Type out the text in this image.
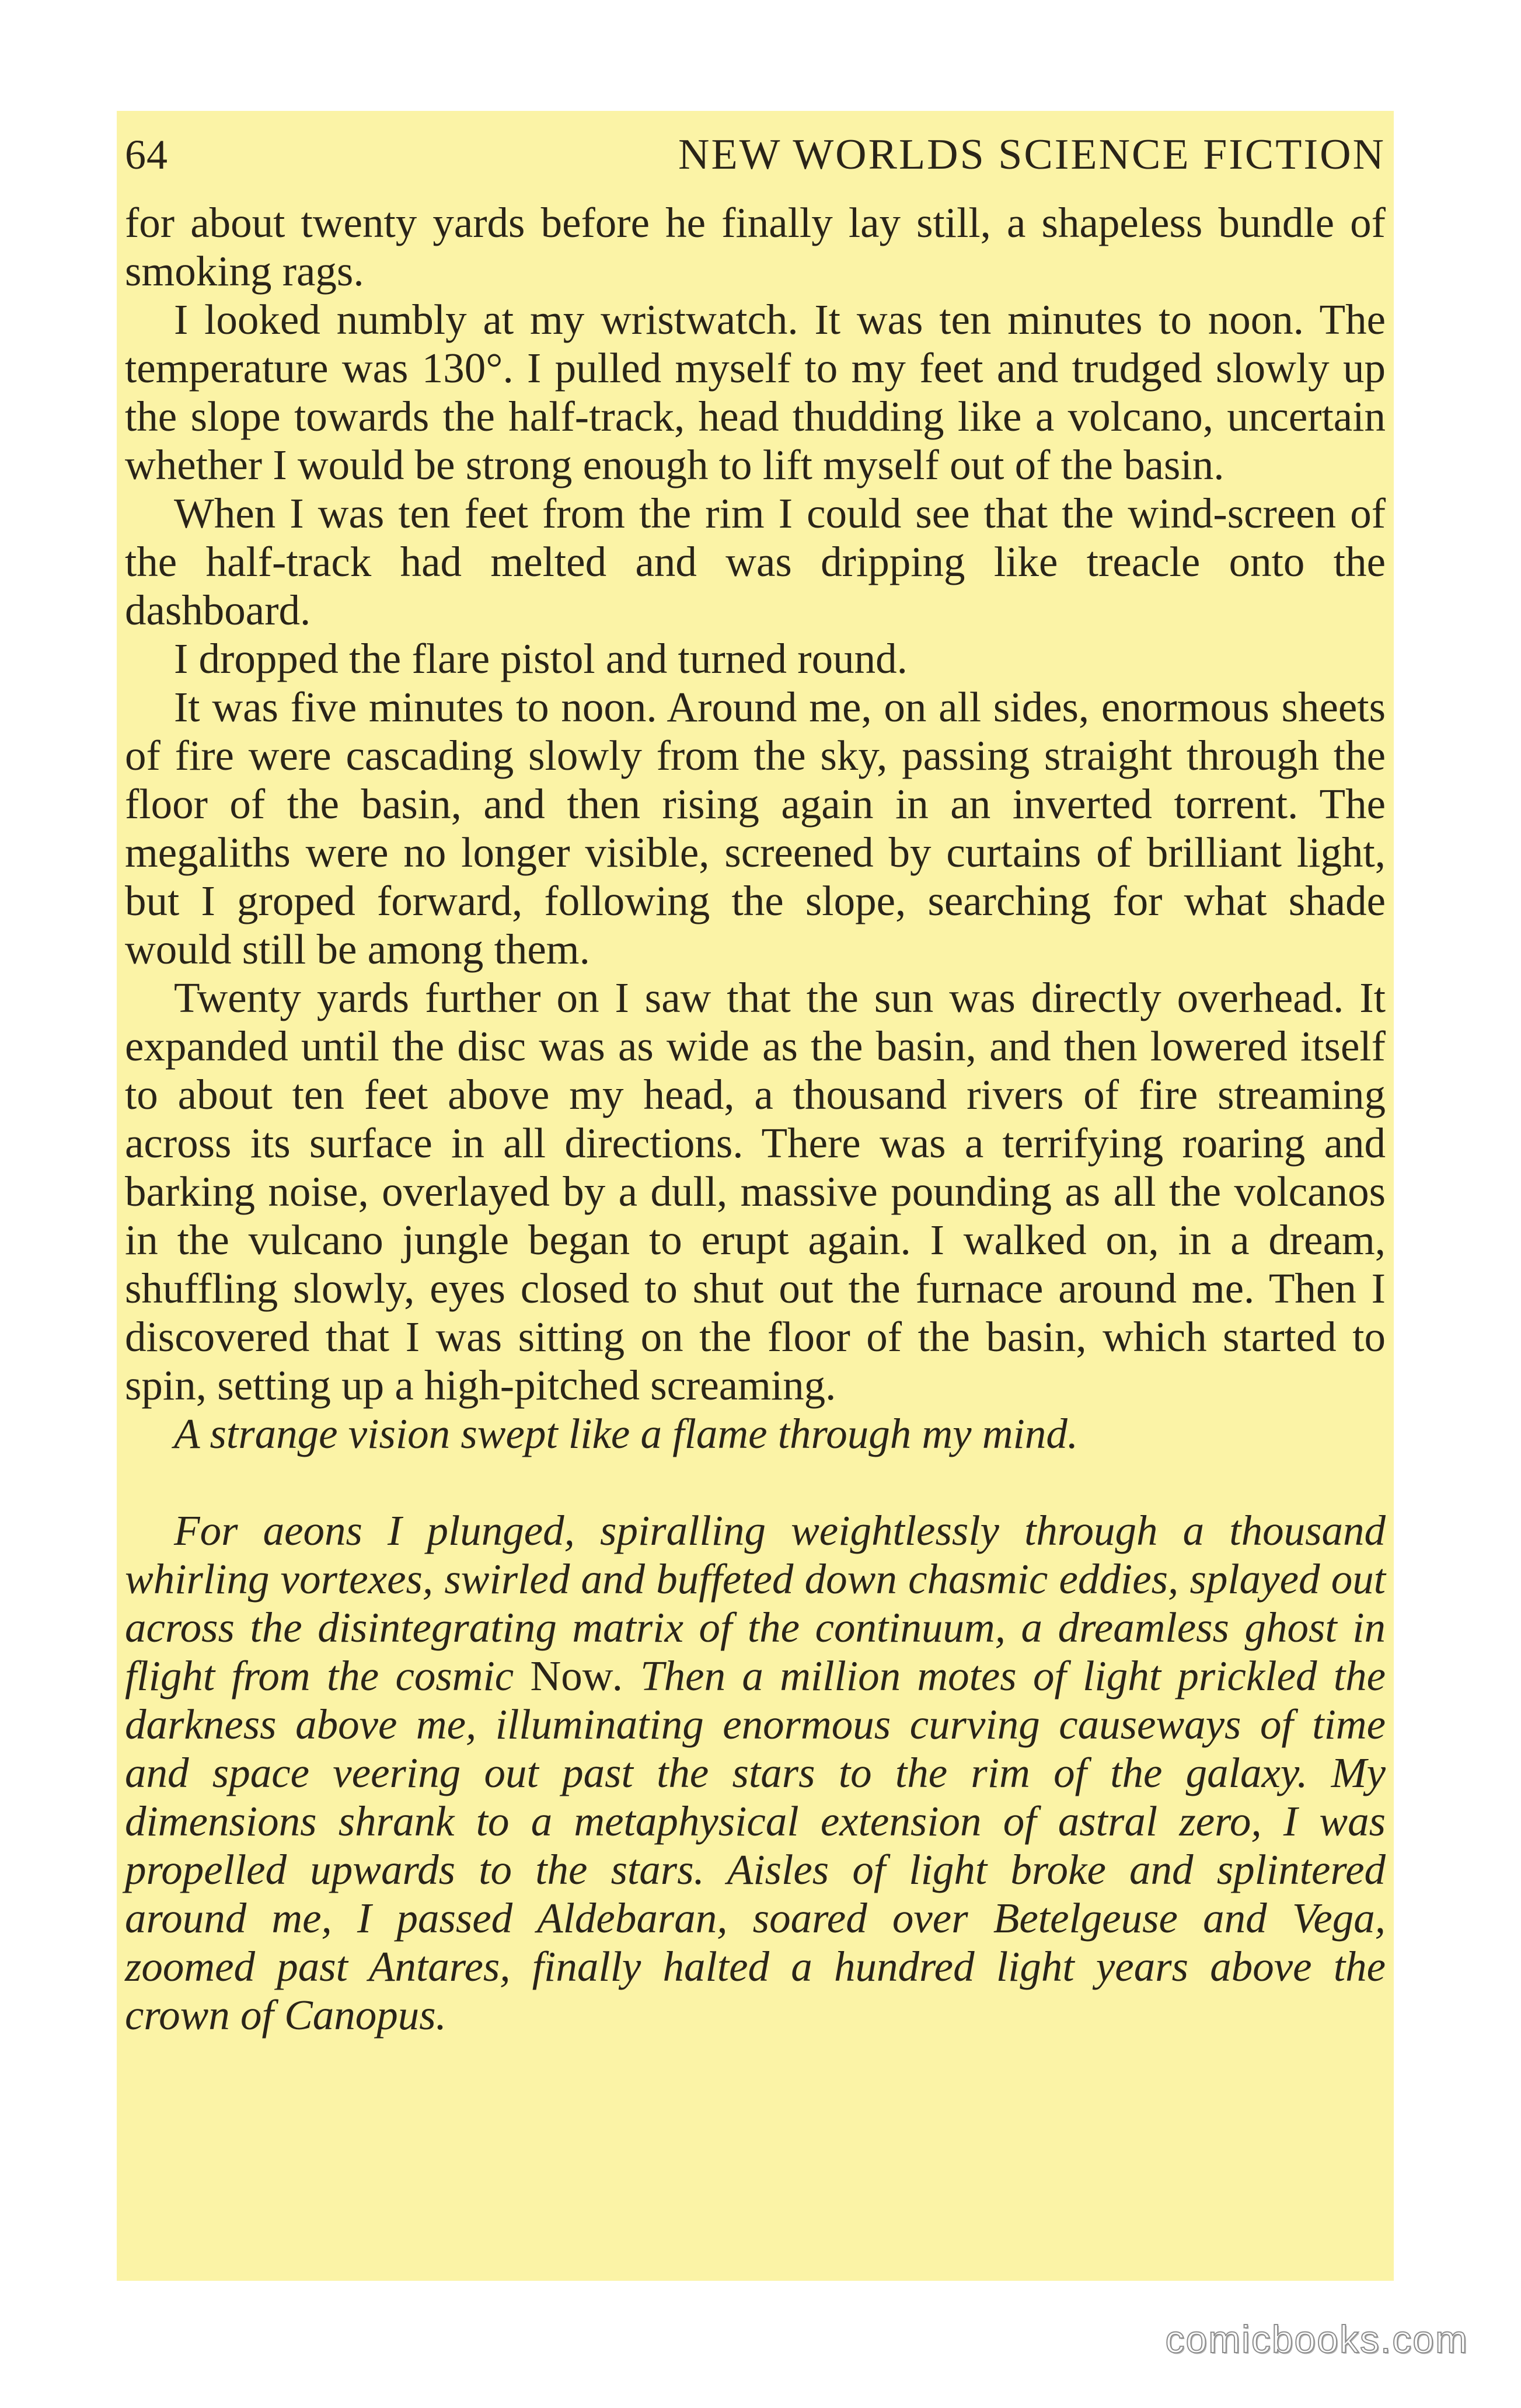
64	NEW WORLDS SCIENCE FICTION

for about twenty yards before he finally lay still, a shapeless bundle of smoking rags.

I looked numbly at my wristwatch. It was ten minutes to noon. The temperature was 130°. I pulled myself to my feet and trudged slowly up the slope towards the half-track, head thudding like a volcano, uncertain whether I would be strong enough to lift myself out of the basin.

When I was ten feet from the rim I could see that the wind-screen of the half-track had melted and was dripping like treacle onto the dashboard.

I dropped the flare pistol and turned round.

It was five minutes to noon. Around me, on all sides, enormous sheets of fire were cascading slowly from the sky, passing straight through the floor of the basin, and then rising again in an inverted torrent. The megaliths were no longer visible, screened by curtains of brilliant light, but I groped forward, following the slope, searching for what shade would still be among them.

Twenty yards further on I saw that the sun was directly overhead. It expanded until the disc was as wide as the basin, and then lowered itself to about ten feet above my head, a thousand rivers of fire streaming across its surface in all directions. There was a terrifying roaring and barking noise, overlayed by a dull, massive pounding as all the volcanos in the vulcano jungle began to erupt again. I walked on, in a dream, shuffling slowly, eyes closed to shut out the furnace around me. Then I discovered that I was sitting on the floor of the basin, which started to spin, setting up a high-pitched screaming.

A strange vision swept like a flame through my mind.

For aeons I plunged, spiralling weightlessly through a thousand whirling vortexes, swirled and buffeted down chasmic eddies, splayed out across the disintegrating matrix of the continuum, a dreamless ghost in flight from the cosmic Now. Then a million motes of light prickled the darkness above me, illuminating enormous curving causeways of time and space veering out past the stars to the rim of the galaxy. My dimensions shrank to a metaphysical extension of astral zero, I was propelled upwards to the stars. Aisles of light broke and splintered around me, I passed Aldebaran, soared over Betelgeuse and Vega, zoomed past Antares, finally halted a hundred light years above the crown of Canopus.

comicbooks.com
